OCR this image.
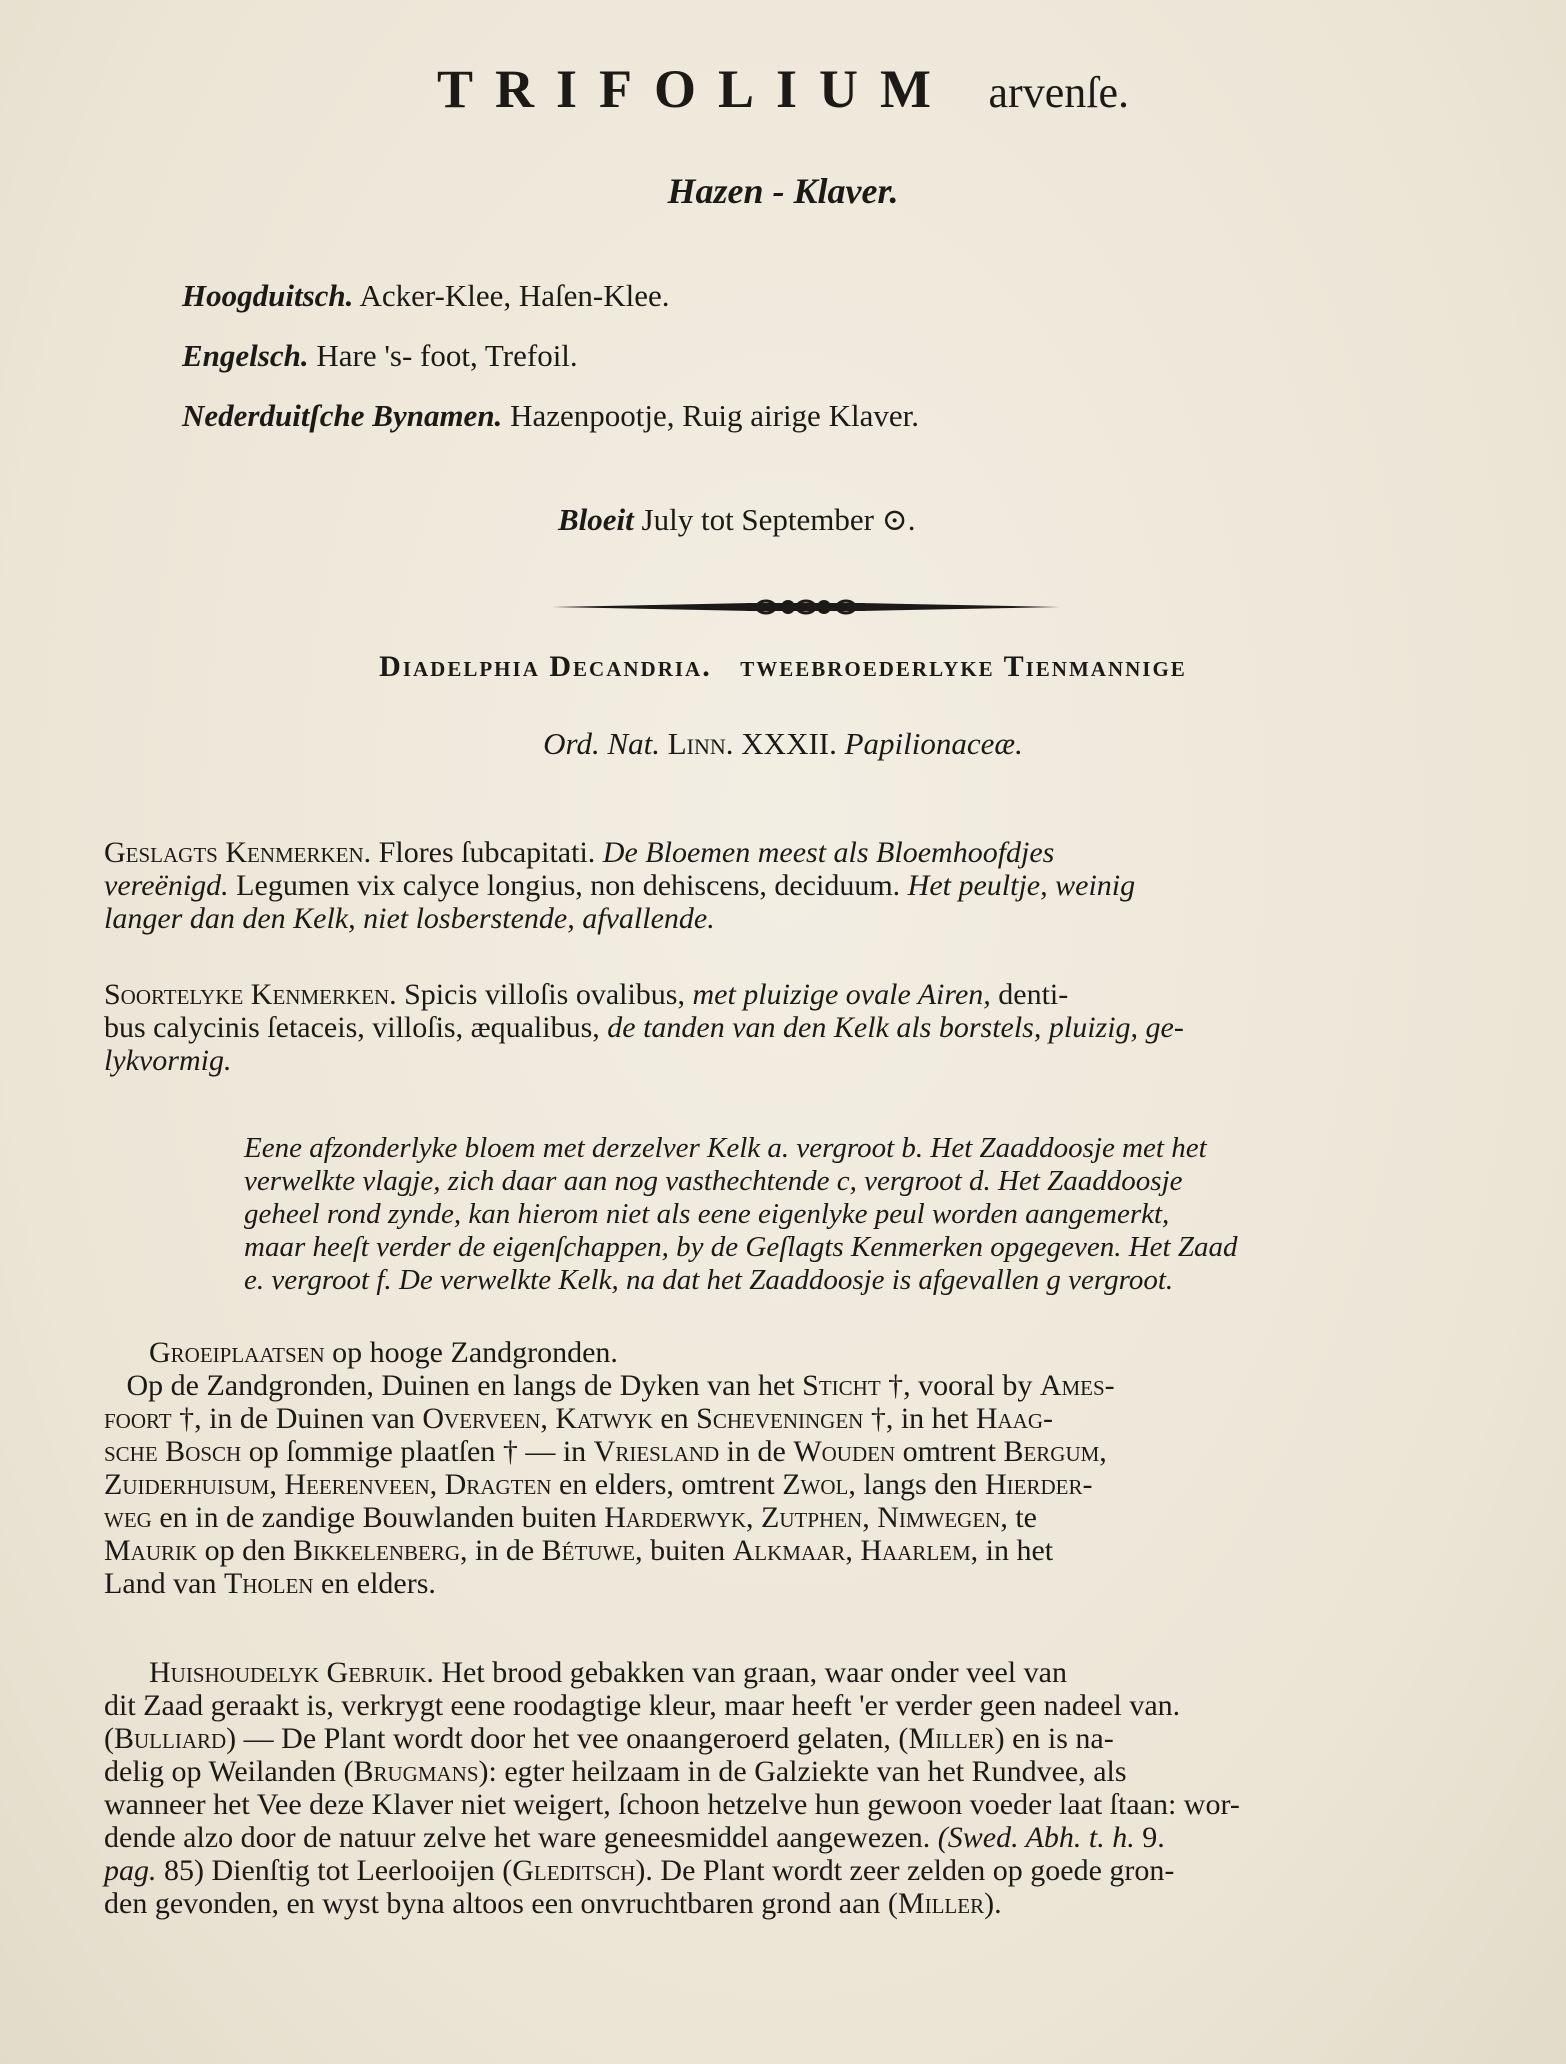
TRIFOLIUM arvenſe.
Hazen - Klaver.
Hoogduitsch. Acker-Klee, Haſen-Klee.
Engelsch. Hare 's- foot, Trefoil.
Nederduitſche Bynamen. Hazenpootje, Ruig airige Klaver.
Bloeit July tot September ⊙.
Diadelphia Decandria. tweebroederlyke Tienmannige
Ord. Nat. Linn. XXXII. Papilionaceæ.
Geslagts Kenmerken. Flores ſubcapitati. De Bloemen meest als Bloemhoofdjes
vereënigd. Legumen vix calyce longius, non dehiscens, deciduum. Het peultje, weinig
langer dan den Kelk, niet losberstende, afvallende.
Soortelyke Kenmerken. Spicis villoſis ovalibus, met pluizige ovale Airen, denti-
bus calycinis ſetaceis, villoſis, æqualibus, de tanden van den Kelk als borstels, pluizig, ge-
lykvormig.
Eene afzonderlyke bloem met derzelver Kelk a. vergroot b. Het Zaaddoosje met het
verwelkte vlagje, zich daar aan nog vasthechtende c, vergroot d. Het Zaaddoosje
geheel rond zynde, kan hierom niet als eene eigenlyke peul worden aangemerkt,
maar heeſt verder de eigenſchappen, by de Geſlagts Kenmerken opgegeven. Het Zaad
e. vergroot f. De verwelkte Kelk, na dat het Zaaddoosje is afgevallen g vergroot.
Groeiplaatsen op hooge Zandgronden.
Op de Zandgronden, Duinen en langs de Dyken van het Sticht †, vooral by Ames-
foort †, in de Duinen van Overveen, Katwyk en Scheveningen †, in het Haag-
sche Bosch op ſommige plaatſen † — in Vriesland in de Wouden omtrent Bergum,
Zuiderhuisum, Heerenveen, Dragten en elders, omtrent Zwol, langs den Hierder-
weg en in de zandige Bouwlanden buiten Harderwyk, Zutphen, Nimwegen, te
Maurik op den Bikkelenberg, in de Bétuwe, buiten Alkmaar, Haarlem, in het
Land van Tholen en elders.
Huishoudelyk Gebruik. Het brood gebakken van graan, waar onder veel van
dit Zaad geraakt is, verkrygt eene roodagtige kleur, maar heeft 'er verder geen nadeel van.
(Bulliard) — De Plant wordt door het vee onaangeroerd gelaten, (Miller) en is na-
delig op Weilanden (Brugmans): egter heilzaam in de Galziekte van het Rundvee, als
wanneer het Vee deze Klaver niet weigert, ſchoon hetzelve hun gewoon voeder laat ſtaan: wor-
dende alzo door de natuur zelve het ware geneesmiddel aangewezen. (Swed. Abh. t. h. 9.
pag. 85) Dienſtig tot Leerlooijen (Gleditsch). De Plant wordt zeer zelden op goede gron-
den gevonden, en wyst byna altoos een onvruchtbaren grond aan (Miller).
